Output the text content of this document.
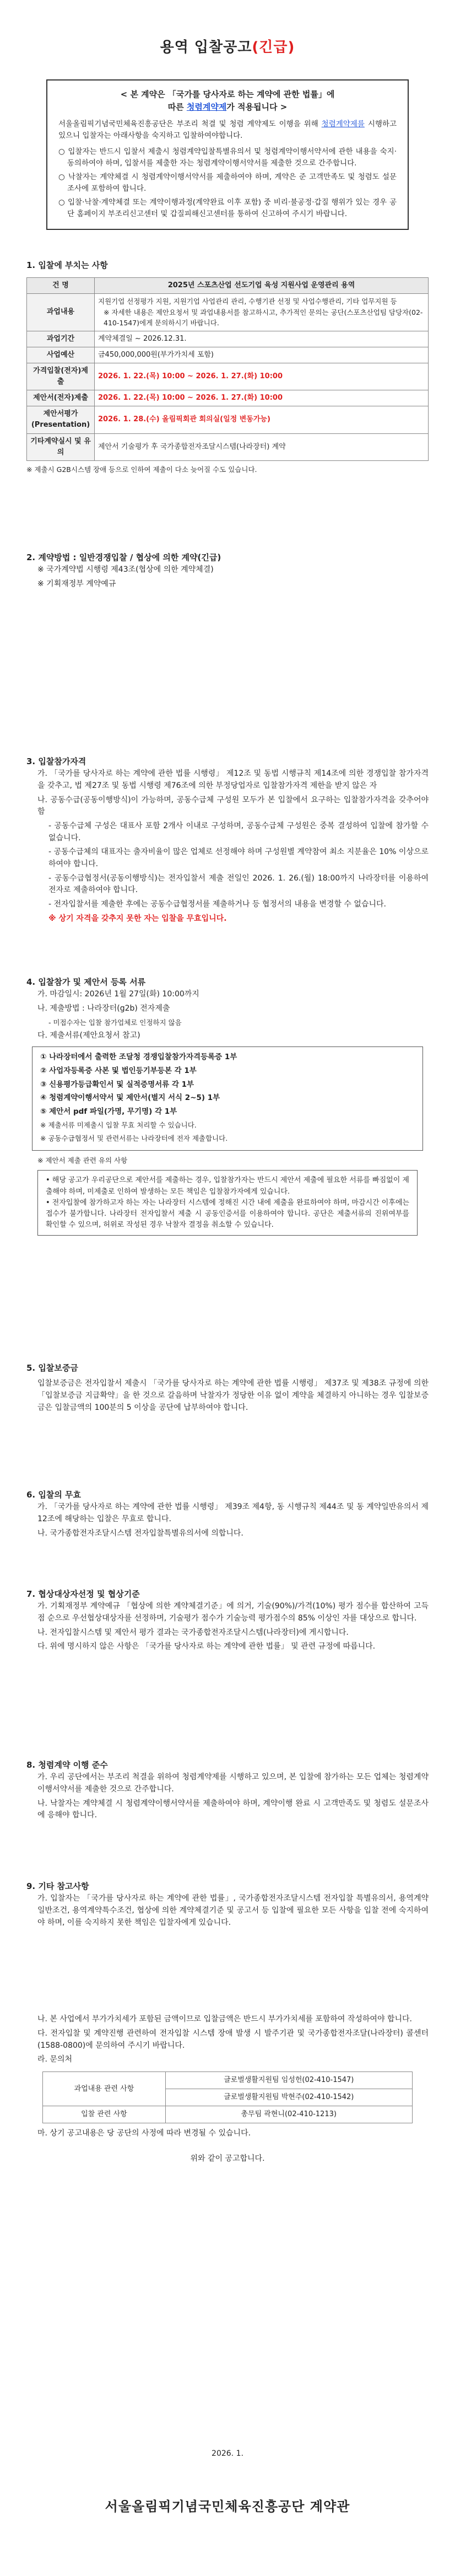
용역 입찰공고(긴급)
< 본 계약은 「국가를 당사자로 하는 계약에 관한 법률」에
따른 청렴계약제가 적용됩니다 >

서울올림픽기념국민체육진흥공단은 부조리 척결 및 청렴 계약제도 이행을 위해 청렴계약제를 시행하고 있으니 입찰자는 아래사항을 숙지하고 입찰하여야합니다.

○ 입찰자는 반드시 입찰서 제출시 청렴계약입찰특별유의서 및 청렴계약이행서약서에 관한 내용을 숙지·동의하여야 하며, 입찰서를 제출한 자는 청렴계약이행서약서를 제출한 것으로 간주합니다.

○ 낙찰자는 계약체결 시 청렴계약이행서약서를 제출하여야 하며, 계약은 준 고객만족도 및 청렴도 설문조사에 포함하여 합니다.

○ 입찰·낙찰·계약체결 또는 계약이행과정(계약완료 이후 포함) 중 비리·불공정·갑질 행위가 있는 경우 공단 홈페이지 부조리신고센터 및 갑질피해신고센터를 통하여 신고하여 주시기 바랍니다.

1. 입찰에 부치는 사항
건 명	2025년 스포츠산업 선도기업 육성 지원사업 운영관리 용역
과업내용	지원기업 선정평가 지원, 지원기업 사업관리 관리, 수행기관 선정 및 사업수행관리, 기타 업무지원 등
※ 자세한 내용은 제안요청서 및 과업내용서를 참고하시고, 추가적인 문의는 공단(스포츠산업팀 담당자(02-410-1547)에게 문의하시기 바랍니다.

과업기간	계약체결일 ~ 2026.12.31.
사업예산	금450,000,000원(부가가치세 포함)
가격입찰(전자)제출	2026. 1. 22.(목) 10:00 ~ 2026. 1. 27.(화) 10:00
제안서(전자)제출	2026. 1. 22.(목) 10:00 ~ 2026. 1. 27.(화) 10:00
제안서평가(Presentation)	2026. 1. 28.(수) 올림픽회관 회의실(일정 변동가능)
기타계약실시 및 유의	제안서 기술평가 후 국가종합전자조달시스템(나라장터) 계약
※ 제출시 G2B시스템 장애 등으로 인하여 제출이 다소 늦어질 수도 있습니다.
2. 계약방법 : 일반경쟁입찰 / 협상에 의한 계약(긴급)
※ 국가계약법 시행령 제43조(협상에 의한 계약체결)
※ 기획재정부 계약예규
3. 입찰참가자격
가. 「국가를 당사자로 하는 계약에 관한 법률 시행령」 제12조 및 동법 시행규칙 제14조에 의한 경쟁입찰 참가자격을 갖추고, 법 제27조 및 동법 시행령 제76조에 의한 부정당업자로 입찰참가자격 제한을 받지 않은 자
나. 공동수급(공동이행방식)이 가능하며, 공동수급체 구성원 모두가 본 입찰에서 요구하는 입찰참가자격을 갖추어야 함
- 공동수급체 구성은 대표사 포함 2개사 이내로 구성하며, 공동수급체 구성원은 중복 결성하여 입찰에 참가할 수 없습니다.
- 공동수급체의 대표자는 출자비율이 많은 업체로 선정해야 하며 구성원별 계약참여 최소 지분율은 10% 이상으로 하여야 합니다.
- 공동수급협정서(공동이행방식)는 전자입찰서 제출 전일인 2026. 1. 26.(월) 18:00까지 나라장터를 이용하여 전자로 제출하여야 합니다.
- 전자입찰서를 제출한 후에는 공동수급협정서를 제출하거나 등 협정서의 내용을 변경할 수 없습니다.
※ 상기 자격을 갖추지 못한 자는 입찰을 무효입니다.
4. 입찰참가 및 제안서 등록 서류
가. 마감일시: 2026년 1월 27일(화) 10:00까지
나. 제출방법 : 나라장터(g2b) 전자제출
- 미접수자는 입찰 참가업체로 인정하지 않음
다. 제출서류(제안요청서 참고)
① 나라장터에서 출력한 조달청 경쟁입찰참가자격등록증 1부
② 사업자등록증 사본 및 법인등기부등본 각 1부
③ 신용평가등급확인서 및 실적증명서류 각 1부
④ 청렴계약이행서약서 및 제안서(별지 서식 2~5) 1부
⑤ 제안서 pdf 파일(가명, 무기명) 각 1부
※ 제출서류 미제출시 입찰 무효 처리할 수 있습니다.
※ 공동수급협정서 및 관련서류는 나라장터에 전자 제출합니다.
※ 제안서 제출 관련 유의 사항
• 해당 공고가 우리공단으로 제안서를 제출하는 경우, 입찰참가자는 반드시 제안서 제출에 필요한 서류를 빠짐없이 제출해야 하며, 미제출로 인하여 발생하는 모든 책임은 입찰참가자에게 있습니다.
• 전자입찰에 참가하고자 하는 자는 나라장터 시스템에 정해진 시간 내에 제출을 완료하여야 하며, 마감시간 이후에는 접수가 불가합니다. 나라장터 전자입찰서 제출 시 공동인증서를 이용하여야 합니다. 공단은 제출서류의 진위여부를 확인할 수 있으며, 허위로 작성된 경우 낙찰자 결정을 취소할 수 있습니다.
5. 입찰보증금
입찰보증금은 전자입찰서 제출시 「국가를 당사자로 하는 계약에 관한 법률 시행령」 제37조 및 제38조 규정에 의한 「입찰보증금 지급확약」을 한 것으로 갈음하며 낙찰자가 정당한 이유 없이 계약을 체결하지 아니하는 경우 입찰보증금은 입찰금액의 100분의 5 이상을 공단에 납부하여야 합니다.
6. 입찰의 무효
가. 「국가를 당사자로 하는 계약에 관한 법률 시행령」 제39조 제4항, 동 시행규칙 제44조 및 동 계약일반유의서 제12조에 해당하는 입찰은 무효로 합니다.
나. 국가종합전자조달시스템 전자입찰특별유의서에 의합니다.
7. 협상대상자선정 및 협상기준
가. 기획재정부 계약예규 「협상에 의한 계약체결기준」에 의거, 기술(90%)/가격(10%) 평가 점수를 합산하여 고득점 순으로 우선협상대상자를 선정하며, 기술평가 점수가 기술능력 평가점수의 85% 이상인 자를 대상으로 합니다.
나. 전자입찰시스템 및 제안서 평가 결과는 국가종합전자조달시스템(나라장터)에 게시합니다.
다. 위에 명시하지 않은 사항은 「국가를 당사자로 하는 계약에 관한 법률」 및 관련 규정에 따릅니다.
8. 청렴계약 이행 준수
가. 우리 공단에서는 부조리 척결을 위하여 청렴계약제를 시행하고 있으며, 본 입찰에 참가하는 모든 업체는 청렴계약이행서약서를 제출한 것으로 간주합니다.
나. 낙찰자는 계약체결 시 청렴계약이행서약서를 제출하여야 하며, 계약이행 완료 시 고객만족도 및 청렴도 설문조사에 응해야 합니다.
9. 기타 참고사항
가. 입찰자는 「국가를 당사자로 하는 계약에 관한 법률」, 국가종합전자조달시스템 전자입찰 특별유의서, 용역계약일반조건, 용역계약특수조건, 협상에 의한 계약체결기준 및 공고서 등 입찰에 필요한 모든 사항을 입찰 전에 숙지하여야 하며, 이를 숙지하지 못한 책임은 입찰자에게 있습니다.
나. 본 사업에서 부가가치세가 포함된 금액이므로 입찰금액은 반드시 부가가치세를 포함하여 작성하여야 합니다.
다. 전자입찰 및 계약진행 관련하여 전자입찰 시스템 장애 발생 시 발주기관 및 국가종합전자조달(나라장터) 콜센터(1588-0800)에 문의하여 주시기 바랍니다.
라. 문의처
과업내용 관련 사항	글로벌생활지원팀 임성헌(02-410-1547)
	글로벌생활지원팀 박현주(02-410-1542)
입찰 관련 사항	총무팀 곽현니(02-410-1213)
마. 상기 공고내용은 당 공단의 사정에 따라 변경될 수 있습니다.
위와 같이 공고합니다.
2026. 1.
서울올림픽기념국민체육진흥공단 계약관
